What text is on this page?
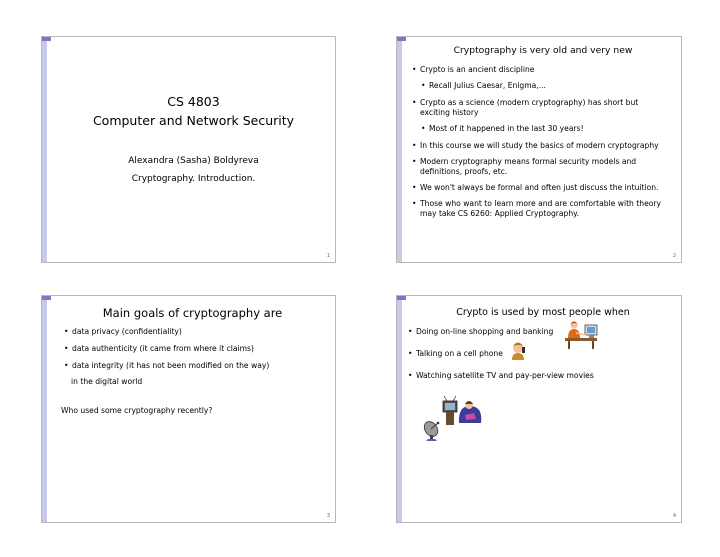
CS 4803
Computer and Network Security
Alexandra (Sasha) Boldyreva
Cryptography. Introduction.
1
Cryptography is very old and very new
• Crypto is an ancient discipline
• Recall Julius Caesar, Enigma,...
• Crypto as a science (modern cryptography) has short but exciting history
• Most of it happened in the last 30 years!
• In this course we will study the basics of modern cryptography
• Modern cryptography means formal security models and definitions, proofs, etc.
• We won't always be formal and often just discuss the intuition.
• Those who want to learn more and are comfortable with theory may take CS 6260: Applied Cryptography.
2
Main goals of cryptography are
• data privacy (confidentiality)
• data authenticity (it came from where it claims)
• data integrity (it has not been modified on the way)
in the digital world
Who used some cryptography recently?
3
Crypto is used by most people when
• Doing on-line shopping and banking
• Talking on a cell phone
• Watching satellite TV and pay-per-view movies
4
